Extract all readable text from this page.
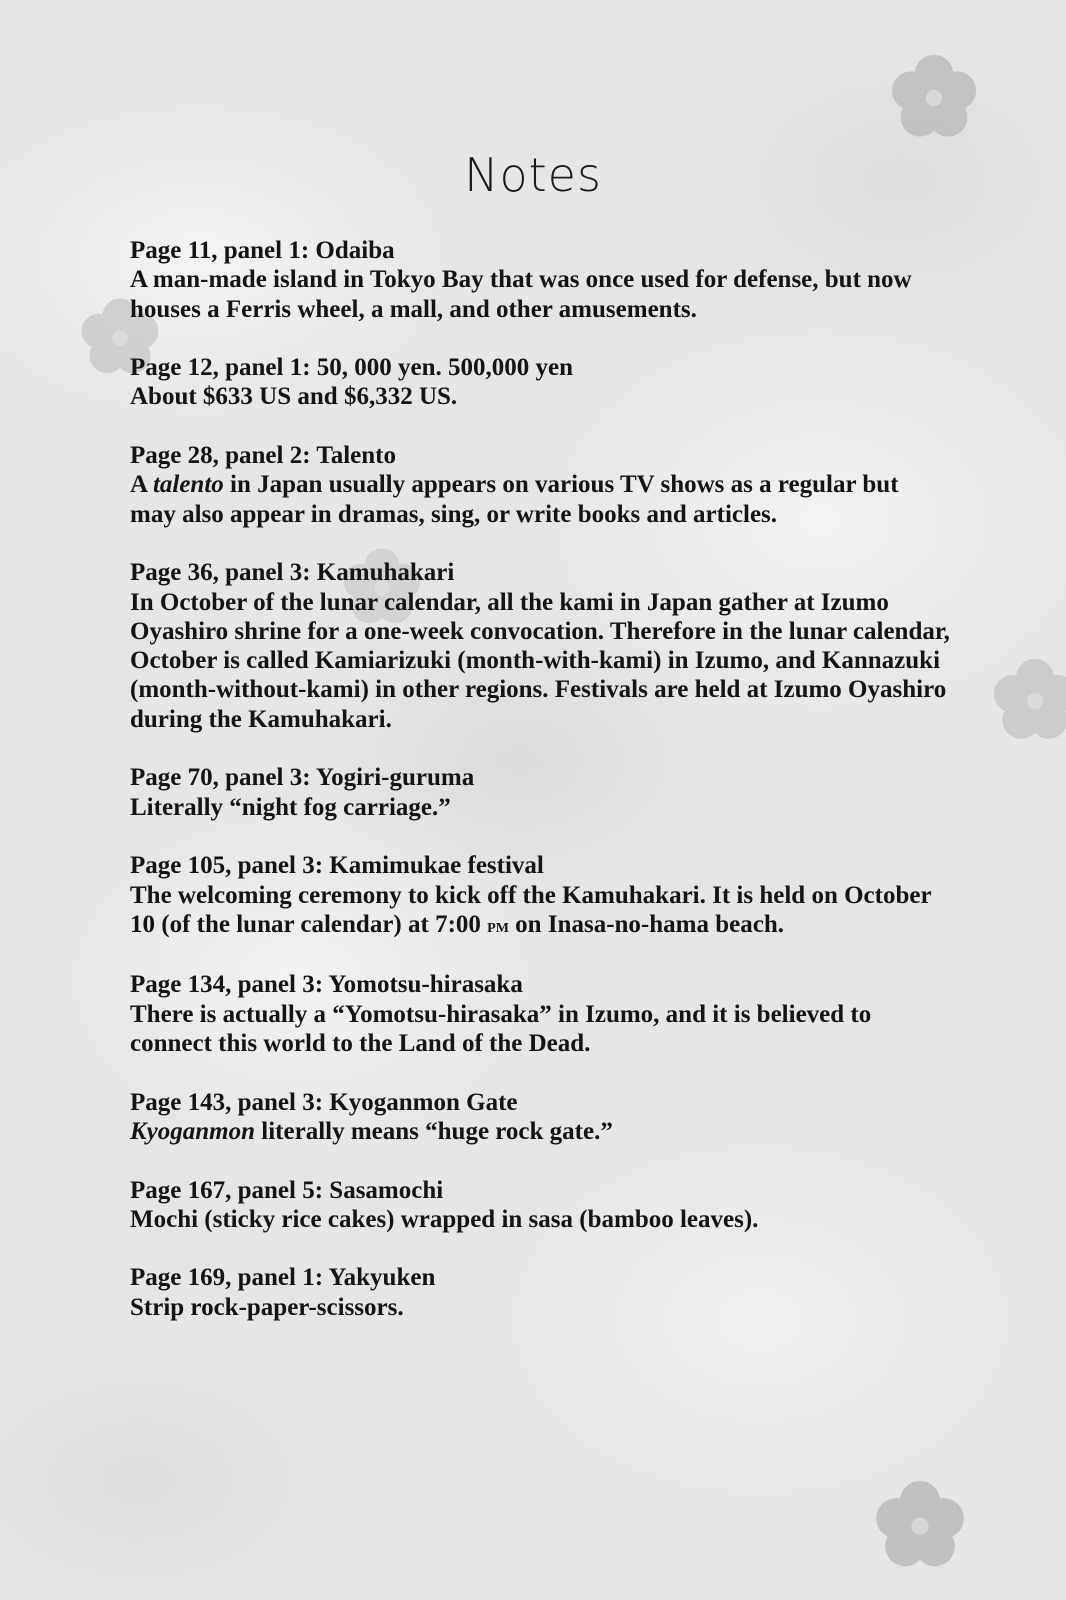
Notes
Page 11, panel 1: Odaiba
A man-made island in Tokyo Bay that was once used for defense, but now houses a Ferris wheel, a mall, and other amusements.
Page 12, panel 1: 50, 000 yen. 500,000 yen
About $633 US and $6,332 US.
Page 28, panel 2: Talento
A talento in Japan usually appears on various TV shows as a regular but may also appear in dramas, sing, or write books and articles.
Page 36, panel 3: Kamuhakari
In October of the lunar calendar, all the kami in Japan gather at Izumo Oyashiro shrine for a one-week convocation. Therefore in the lunar calendar, October is called Kamiarizuki (month-with-kami) in Izumo, and Kannazuki (month-without-kami) in other regions. Festivals are held at Izumo Oyashiro during the Kamuhakari.
Page 70, panel 3: Yogiri-guruma
Literally “night fog carriage.”
Page 105, panel 3: Kamimukae festival
The welcoming ceremony to kick off the Kamuhakari. It is held on October 10 (of the lunar calendar) at 7:00 pm on Inasa-no-hama beach.
Page 134, panel 3: Yomotsu-hirasaka
There is actually a “Yomotsu-hirasaka” in Izumo, and it is believed to connect this world to the Land of the Dead.
Page 143, panel 3: Kyoganmon Gate
Kyoganmon literally means “huge rock gate.”
Page 167, panel 5: Sasamochi
Mochi (sticky rice cakes) wrapped in sasa (bamboo leaves).
Page 169, panel 1: Yakyuken
Strip rock-paper-scissors.
